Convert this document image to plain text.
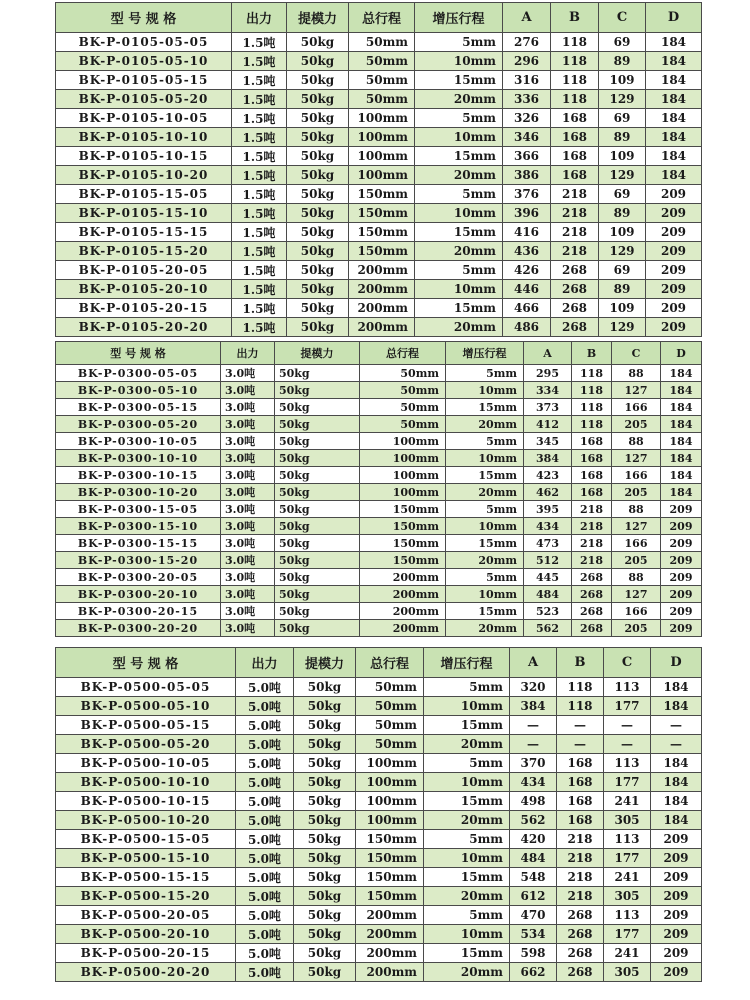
型 号 规 格	出力	提模力	总行程	增压行程	A	B	C	D
BK-P-0105-05-05	1.5吨	50kg	50mm	5mm	276	118	69	184
BK-P-0105-05-10	1.5吨	50kg	50mm	10mm	296	118	89	184
BK-P-0105-05-15	1.5吨	50kg	50mm	15mm	316	118	109	184
BK-P-0105-05-20	1.5吨	50kg	50mm	20mm	336	118	129	184
BK-P-0105-10-05	1.5吨	50kg	100mm	5mm	326	168	69	184
BK-P-0105-10-10	1.5吨	50kg	100mm	10mm	346	168	89	184
BK-P-0105-10-15	1.5吨	50kg	100mm	15mm	366	168	109	184
BK-P-0105-10-20	1.5吨	50kg	100mm	20mm	386	168	129	184
BK-P-0105-15-05	1.5吨	50kg	150mm	5mm	376	218	69	209
BK-P-0105-15-10	1.5吨	50kg	150mm	10mm	396	218	89	209
BK-P-0105-15-15	1.5吨	50kg	150mm	15mm	416	218	109	209
BK-P-0105-15-20	1.5吨	50kg	150mm	20mm	436	218	129	209
BK-P-0105-20-05	1.5吨	50kg	200mm	5mm	426	268	69	209
BK-P-0105-20-10	1.5吨	50kg	200mm	10mm	446	268	89	209
BK-P-0105-20-15	1.5吨	50kg	200mm	15mm	466	268	109	209
BK-P-0105-20-20	1.5吨	50kg	200mm	20mm	486	268	129	209
型 号 规 格	出力	提模力	总行程	增压行程	A	B	C	D
BK-P-0300-05-05	3.0吨	50kg	50mm	5mm	295	118	88	184
BK-P-0300-05-10	3.0吨	50kg	50mm	10mm	334	118	127	184
BK-P-0300-05-15	3.0吨	50kg	50mm	15mm	373	118	166	184
BK-P-0300-05-20	3.0吨	50kg	50mm	20mm	412	118	205	184
BK-P-0300-10-05	3.0吨	50kg	100mm	5mm	345	168	88	184
BK-P-0300-10-10	3.0吨	50kg	100mm	10mm	384	168	127	184
BK-P-0300-10-15	3.0吨	50kg	100mm	15mm	423	168	166	184
BK-P-0300-10-20	3.0吨	50kg	100mm	20mm	462	168	205	184
BK-P-0300-15-05	3.0吨	50kg	150mm	5mm	395	218	88	209
BK-P-0300-15-10	3.0吨	50kg	150mm	10mm	434	218	127	209
BK-P-0300-15-15	3.0吨	50kg	150mm	15mm	473	218	166	209
BK-P-0300-15-20	3.0吨	50kg	150mm	20mm	512	218	205	209
BK-P-0300-20-05	3.0吨	50kg	200mm	5mm	445	268	88	209
BK-P-0300-20-10	3.0吨	50kg	200mm	10mm	484	268	127	209
BK-P-0300-20-15	3.0吨	50kg	200mm	15mm	523	268	166	209
BK-P-0300-20-20	3.0吨	50kg	200mm	20mm	562	268	205	209
型 号 规 格	出力	提模力	总行程	增压行程	A	B	C	D
BK-P-0500-05-05	5.0吨	50kg	50mm	5mm	320	118	113	184
BK-P-0500-05-10	5.0吨	50kg	50mm	10mm	384	118	177	184
BK-P-0500-05-15	5.0吨	50kg	50mm	15mm	—	—	—	—
BK-P-0500-05-20	5.0吨	50kg	50mm	20mm	—	—	—	—
BK-P-0500-10-05	5.0吨	50kg	100mm	5mm	370	168	113	184
BK-P-0500-10-10	5.0吨	50kg	100mm	10mm	434	168	177	184
BK-P-0500-10-15	5.0吨	50kg	100mm	15mm	498	168	241	184
BK-P-0500-10-20	5.0吨	50kg	100mm	20mm	562	168	305	184
BK-P-0500-15-05	5.0吨	50kg	150mm	5mm	420	218	113	209
BK-P-0500-15-10	5.0吨	50kg	150mm	10mm	484	218	177	209
BK-P-0500-15-15	5.0吨	50kg	150mm	15mm	548	218	241	209
BK-P-0500-15-20	5.0吨	50kg	150mm	20mm	612	218	305	209
BK-P-0500-20-05	5.0吨	50kg	200mm	5mm	470	268	113	209
BK-P-0500-20-10	5.0吨	50kg	200mm	10mm	534	268	177	209
BK-P-0500-20-15	5.0吨	50kg	200mm	15mm	598	268	241	209
BK-P-0500-20-20	5.0吨	50kg	200mm	20mm	662	268	305	209
